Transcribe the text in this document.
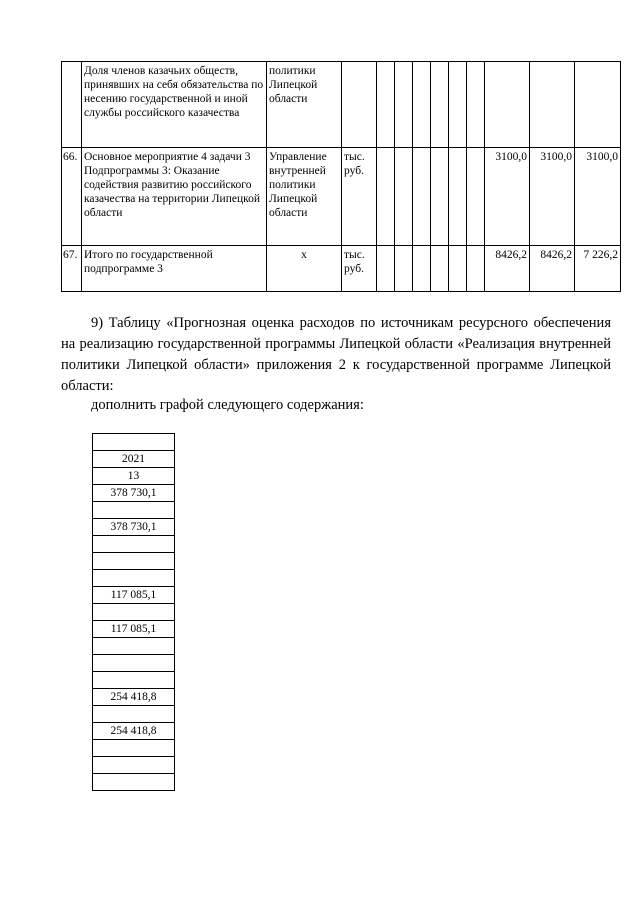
	Доля членов казачьих обществ, принявших на себя обязательства по несению государственной и иной службы российского казачества	политики Липецкой области										
66.	Основное мероприятие 4 задачи 3 Подпрограммы 3: Оказание содействия развитию российского казачества на территории Липецкой области	Управление внутренней политики Липецкой области	тыс. руб.							3100,0	3100,0	3100,0
67.	Итого по государственной подпрограмме 3	х	тыс. руб.							8426,2	8426,2	7 226,2
9) Таблицу «Прогнозная оценка расходов по источникам ресурсного обеспечения на реализацию государственной программы Липецкой области «Реализация внутренней политики Липецкой области» приложения 2 к государственной программе Липецкой области:
дополнить графой следующего содержания:

2021
13
378 730,1

378 730,1

117 085,1

117 085,1

254 418,8

254 418,8
